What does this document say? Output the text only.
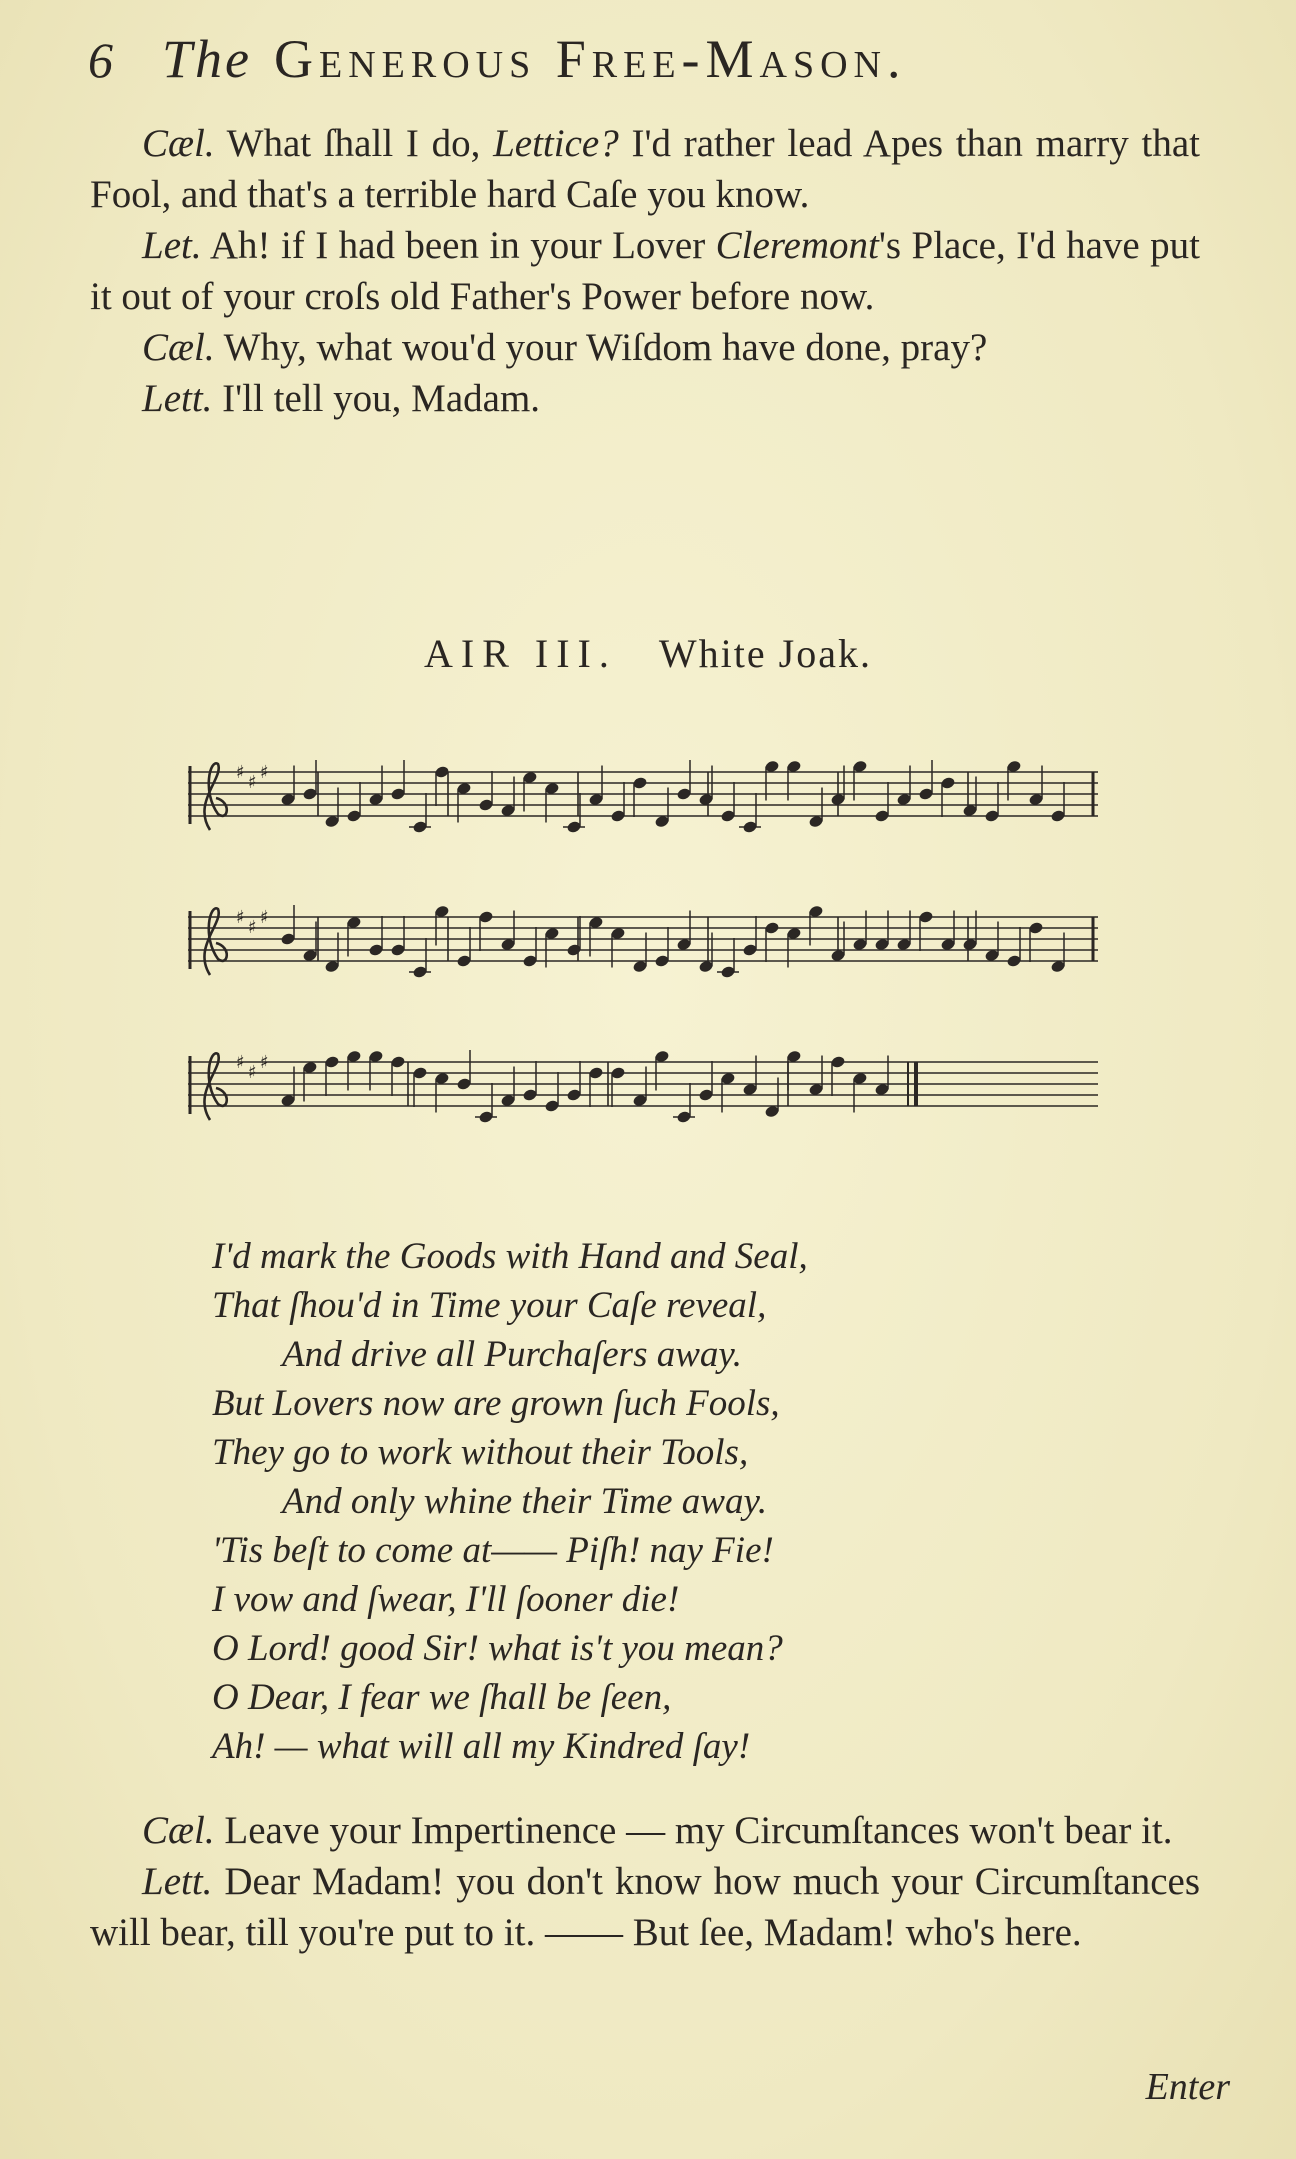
6 The Generous Free-Mason.

Cæl. What ſhall I do, Lettice? I'd rather lead Apes than marry that Fool, and that's a terrible hard Caſe you know.

Let. Ah! if I had been in your Lover Cleremont's Place, I'd have put it out of your croſs old Father's Power before now.

Cæl. Why, what wou'd your Wiſdom have done, pray?

Lett. I'll tell you, Madam.

AIR III. White Joak.
♯ ♯ ♯
♯ ♯ ♯
♯ ♯ ♯
I'd mark the Goods with Hand and Seal,
That ſhou'd in Time your Caſe reveal,
And drive all Purchaſers away.
But Lovers now are grown ſuch Fools,
They go to work without their Tools,
And only whine their Time away.
'Tis beſt to come at—— Piſh! nay Fie!
I vow and ſwear, I'll ſooner die!
O Lord! good Sir! what is't you mean?
O Dear, I fear we ſhall be ſeen,
Ah! — what will all my Kindred ſay!

Cæl. Leave your Impertinence — my Circumſtances won't bear it.

Lett. Dear Madam! you don't know how much your Circumſtances will bear, till you're put to it. —— But ſee, Madam! who's here.

Enter
